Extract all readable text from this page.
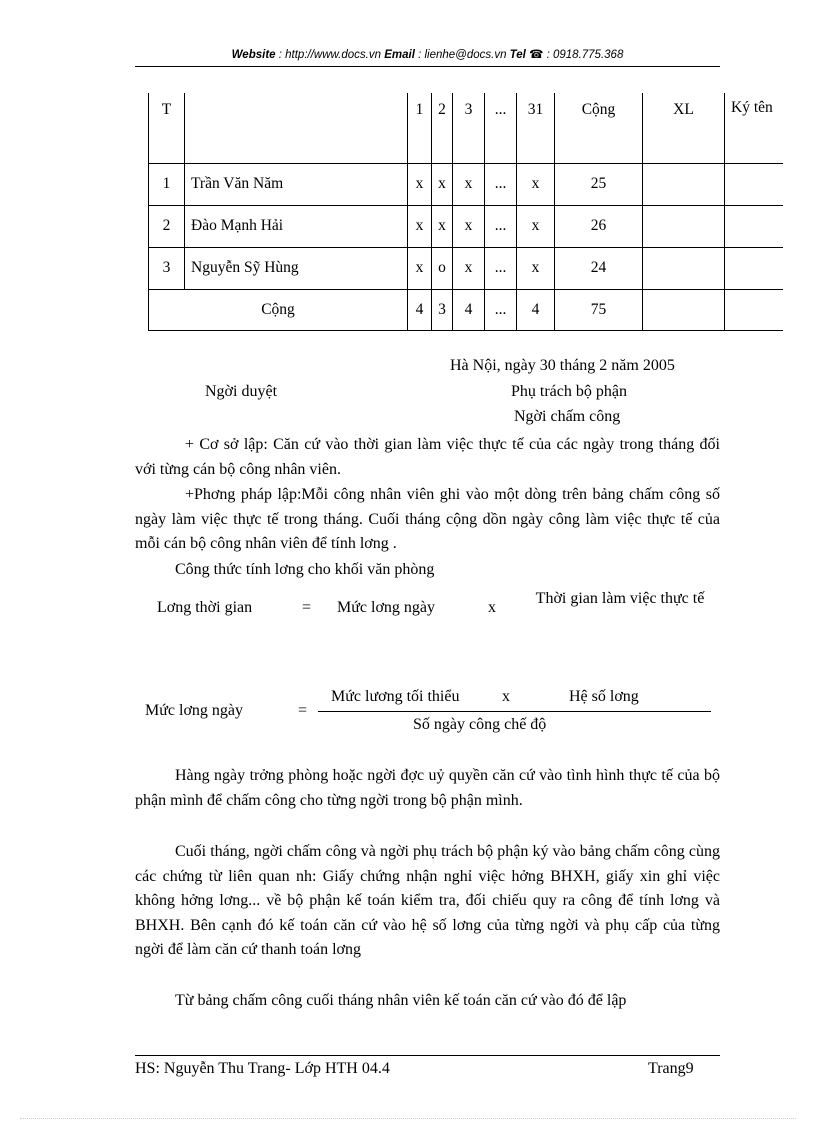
Website : http://www.docs.vn Email : lienhe@docs.vn Tel ☎ : 0918.775.368
T		1	2	3	...	31	Cộng	XL	Ký tên
1	Trần Văn Năm	x	x	x	...	x	25		
2	Đào Mạnh Hải	x	x	x	...	x	26		
3	Nguyễn Sỹ Hùng	x	o	x	...	x	24		
Cộng		4	3	4	...	4	75		
Hà Nội, ngày 30 tháng 2 năm 2005
Ngời duyệt	Phụ trách bộ phận
Ngời chấm công
+ Cơ sở lập: Căn cứ vào thời gian làm việc thực tế của các ngày trong tháng đối với từng cán bộ công nhân viên.
+Phơng pháp lập:Mỗi công nhân viên ghi vào một dòng trên bảng chấm công số ngày làm việc thực tế trong tháng. Cuối tháng cộng dồn ngày công làm việc thực tế của mỗi cán bộ công nhân viên để tính lơng .
Công thức tính lơng cho khối văn phòng
Lơng thời gian	= Mức lơng ngày	x
Thời gian làm việc thực tế
Mức lơng ngày	=
Mức lương tối thiểu	x	Hệ số lơng
Số ngày công chế độ
Hàng ngày trởng phòng hoặc ngời đợc uỷ quyền căn cứ vào tình hình thực tế của bộ phận mình để chấm công cho từng ngời trong bộ phận mình.
Cuối tháng, ngời chấm công và ngời phụ trách bộ phận ký vào bảng chấm công cùng các chứng từ liên quan nh: Giấy chứng nhận nghỉ việc hởng BHXH, giấy xin ghỉ việc không hởng lơng... về bộ phận kế toán kiểm tra, đối chiếu quy ra công để tính lơng và BHXH. Bên cạnh đó kế toán căn cứ vào hệ số lơng của từng ngời và phụ cấp của từng ngời để làm căn cứ thanh toán lơng
Từ bảng chấm công cuối tháng nhân viên kế toán căn cứ vào đó để lập
HS: Nguyễn Thu Trang- Lớp HTH 04.4	Trang9
